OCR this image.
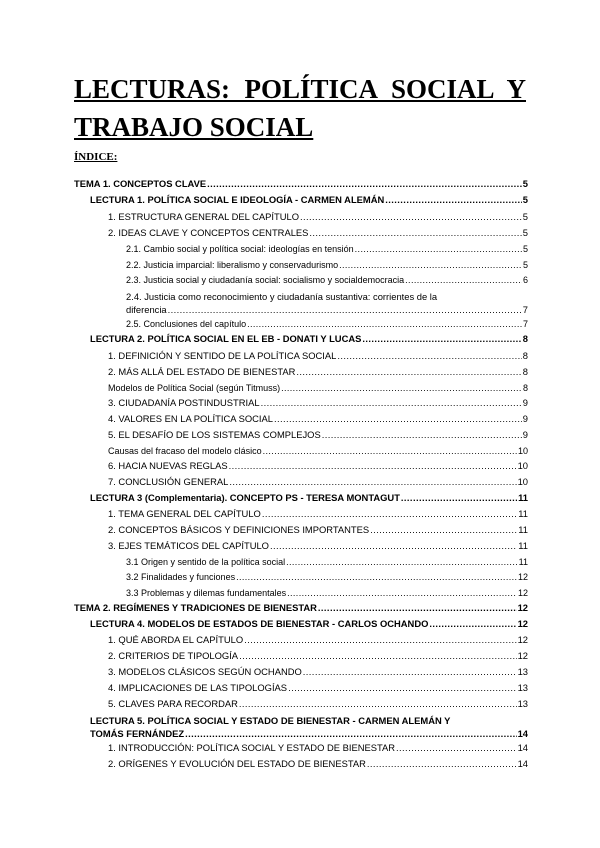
LECTURAS: POLÍTICA SOCIAL Y TRABAJO SOCIAL
ÍNDICE:
TEMA 1. CONCEPTOS CLAVE .....	5
LECTURA 1. POLÍTICA SOCIAL E IDEOLOGÍA - CARMEN ALEMÁN .....	5
1. ESTRUCTURA GENERAL DEL CAPÍTULO .....	5
2. IDEAS CLAVE Y CONCEPTOS CENTRALES .....	5
2.1. Cambio social y política social: ideologías en tensión .....	5
2.2. Justicia imparcial: liberalismo y conservadurismo .....	5
2.3. Justicia social y ciudadanía social: socialismo y socialdemocracia .....	6
2.4. Justicia como reconocimiento y ciudadanía sustantiva: corrientes de la
diferencia .....	7
2.5. Conclusiones del capítulo .....	7
LECTURA 2. POLÍTICA SOCIAL EN EL EB - DONATI Y LUCAS .....	8
1. DEFINICIÓN Y SENTIDO DE LA POLÍTICA SOCIAL .....	8
2. MÁS ALLÁ DEL ESTADO DE BIENESTAR .....	8
Modelos de Política Social (según Titmuss) .....	8
3. CIUDADANÍA POSTINDUSTRIAL .....	9
4. VALORES EN LA POLÍTICA SOCIAL .....	9
5. EL DESAFÍO DE LOS SISTEMAS COMPLEJOS .....	9
Causas del fracaso del modelo clásico .....	10
6. HACIA NUEVAS REGLAS .....	10
7. CONCLUSIÓN GENERAL .....	10
LECTURA 3 (Complementaria). CONCEPTO PS - TERESA MONTAGUT .....	11
1. TEMA GENERAL DEL CAPÍTULO .....	11
2. CONCEPTOS BÁSICOS Y DEFINICIONES IMPORTANTES .....	11
3. EJES TEMÁTICOS DEL CAPÍTULO .....	11
3.1 Origen y sentido de la política social .....	11
3.2 Finalidades y funciones .....	12
3.3 Problemas y dilemas fundamentales .....	12
TEMA 2. REGÍMENES Y TRADICIONES DE BIENESTAR .....	12
LECTURA 4. MODELOS DE ESTADOS DE BIENESTAR - CARLOS OCHANDO .....	12
1. QUÉ ABORDA EL CAPÍTULO .....	12
2. CRITERIOS DE TIPOLOGÍA .....	12
3. MODELOS CLÁSICOS SEGÚN OCHANDO .....	13
4. IMPLICACIONES DE LAS TIPOLOGÍAS .....	13
5. CLAVES PARA RECORDAR .....	13
LECTURA 5. POLÍTICA SOCIAL Y ESTADO DE BIENESTAR - CARMEN ALEMÁN Y
TOMÁS FERNÁNDEZ .....	14
1. INTRODUCCIÓN: POLÍTICA SOCIAL Y ESTADO DE BIENESTAR .....	14
2. ORÍGENES Y EVOLUCIÓN DEL ESTADO DE BIENESTAR .....	14
